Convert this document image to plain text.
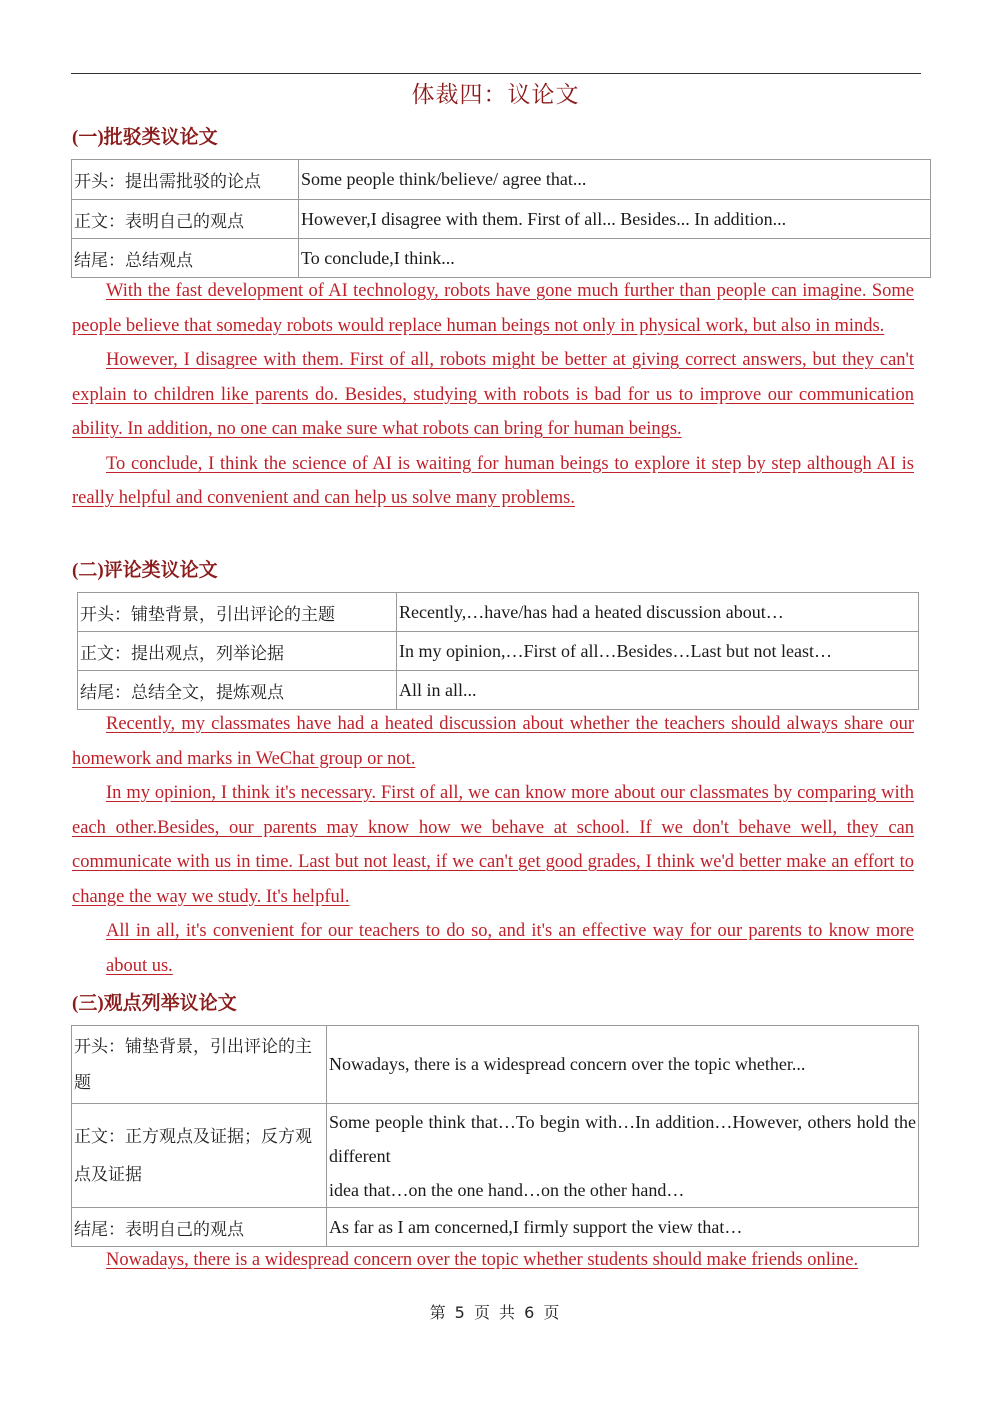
体裁四：议论文
(一)批驳类议论文
开头：提出需批驳的论点	Some people think/believe/ agree that...
正文：表明自己的观点	However,I disagree with them. First of all... Besides... In addition...
结尾：总结观点	To conclude,I think...

With the fast development of AI technology, robots have gone much further than people can imagine. Some people believe that someday robots would replace human beings not only in physical work, but also in minds.

However, I disagree with them. First of all, robots might be better at giving correct answers, but they can't explain to children like parents do. Besides, studying with robots is bad for us to improve our communication ability. In addition, no one can make sure what robots can bring for human beings.

To conclude, I think the science of AI is waiting for human beings to explore it step by step although AI is really helpful and convenient and can help us solve many problems.

(二)评论类议论文
开头：铺垫背景，引出评论的主题	Recently,…have/has had a heated discussion about…
正文：提出观点，列举论据	In my opinion,…First of all…Besides…Last but not least…
结尾：总结全文，提炼观点	All in all...

Recently, my classmates have had a heated discussion about whether the teachers should always share our homework and marks in WeChat group or not.

In my opinion, I think it's necessary. First of all, we can know more about our classmates by comparing with each other.Besides, our parents may know how we behave at school. If we don't behave well, they can communicate with us in time. Last but not least, if we can't get good grades, I think we'd better make an effort to change the way we study. It's helpful.

All in all, it's convenient for our teachers to do so, and it's an effective way for our parents to know more about us.

(三)观点列举议论文
开头：铺垫背景，引出评论的主题	Nowadays, there is a widespread concern over the topic whether...
正文：正方观点及证据；反方观点及证据	Some people think that…To begin with…In addition…However, others hold the different
idea that…on the one hand…on the other hand…

结尾：表明自己的观点	As far as I am concerned,I firmly support the view that…

Nowadays, there is a widespread concern over the topic whether students should make friends online.

第 5 页 共 6 页
